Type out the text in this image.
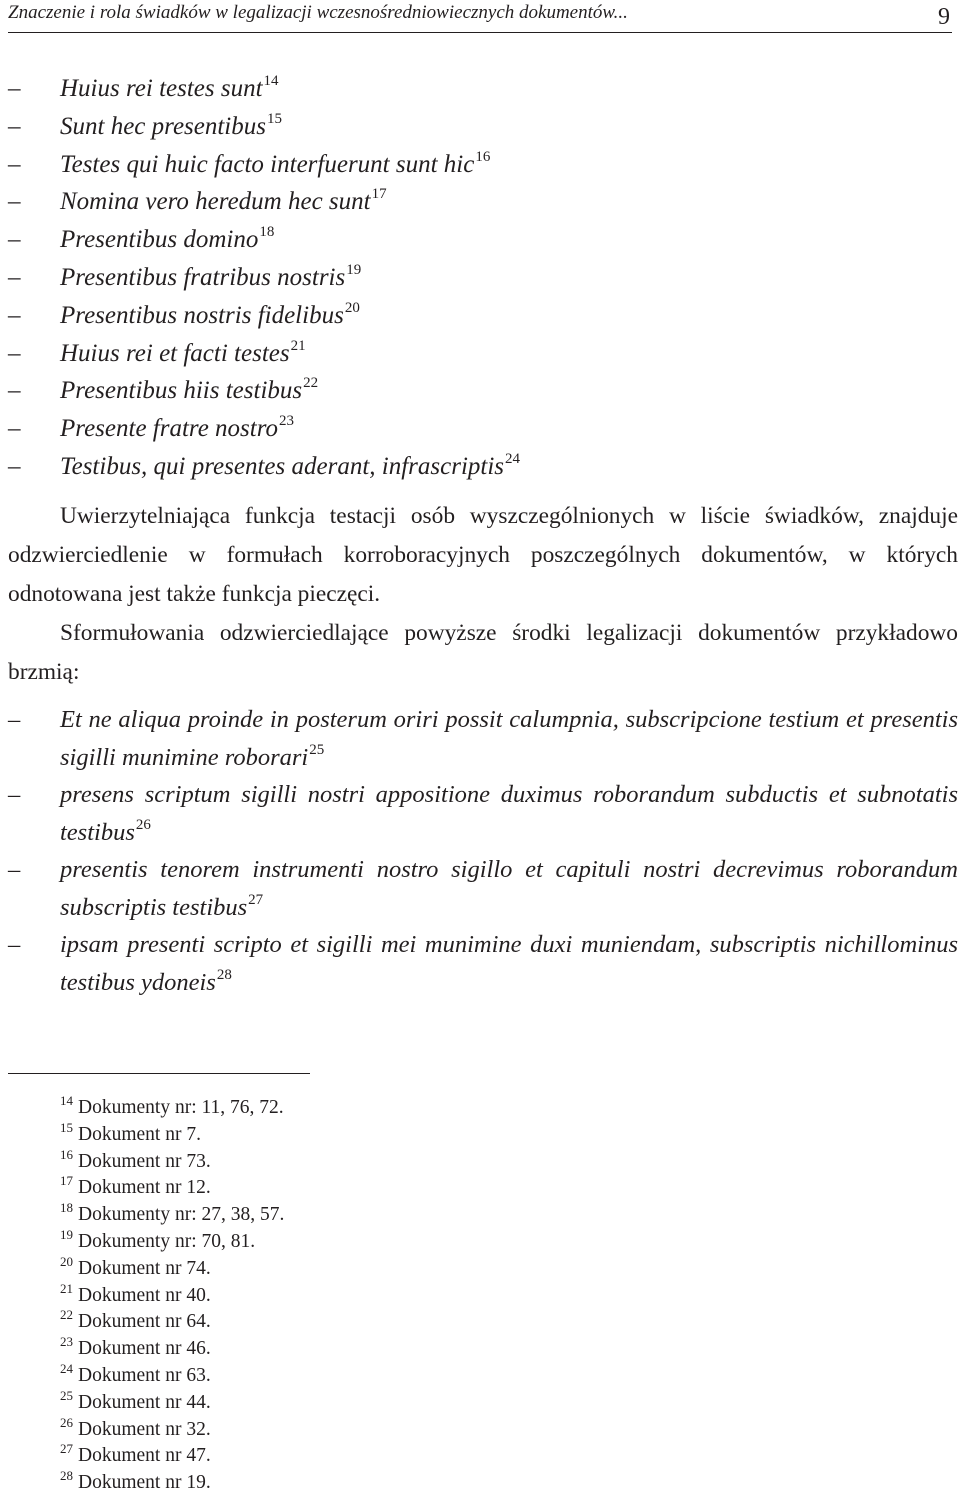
Znaczenie i rola świadków w legalizacji wczesnośredniowiecznych dokumentów...	9
– Huius rei testes sunt$^{14}$
– Sunt hec presentibus$^{15}$
– Testes qui huic facto interfuerunt sunt hic$^{16}$
– Nomina vero heredum hec sunt$^{17}$
– Presentibus domino$^{18}$
– Presentibus fratribus nostris$^{19}$
– Presentibus nostris fidelibus$^{20}$
– Huius rei et facti testes$^{21}$
– Presentibus hiis testibus$^{22}$
– Presente fratre nostro$^{23}$
– Testibus, qui presentes aderant, infrascriptis$^{24}$

Uwierzytelniająca funkcja testacji osób wyszczególnionych w liście świadków, znajduje odzwierciedlenie w formułach korroboracyjnych poszczególnych dokumentów, w których odnotowana jest także funkcja pieczęci.

Sformułowania odzwierciedlające powyższe środki legalizacji dokumentów przykładowo brzmią:

– Et ne aliqua proinde in posterum oriri possit calumpnia, subscripcione testium et presentis sigilli munimine roborari$^{25}$
– presens scriptum sigilli nostri appositione duximus roborandum subductis et subnotatis testibus$^{26}$
– presentis tenorem instrumenti nostro sigillo et capituli nostri decrevimus roborandum subscriptis testibus$^{27}$
– ipsam presenti scripto et sigilli mei munimine duxi muniendam, subscriptis nichillominus testibus ydoneis$^{28}$
$^{14}$ Dokumenty nr: 11, 76, 72.
$^{15}$ Dokument nr 7.
$^{16}$ Dokument nr 73.
$^{17}$ Dokument nr 12.
$^{18}$ Dokumenty nr: 27, 38, 57.
$^{19}$ Dokumenty nr: 70, 81.
$^{20}$ Dokument nr 74.
$^{21}$ Dokument nr 40.
$^{22}$ Dokument nr 64.
$^{23}$ Dokument nr 46.
$^{24}$ Dokument nr 63.
$^{25}$ Dokument nr 44.
$^{26}$ Dokument nr 32.
$^{27}$ Dokument nr 47.
$^{28}$ Dokument nr 19.
